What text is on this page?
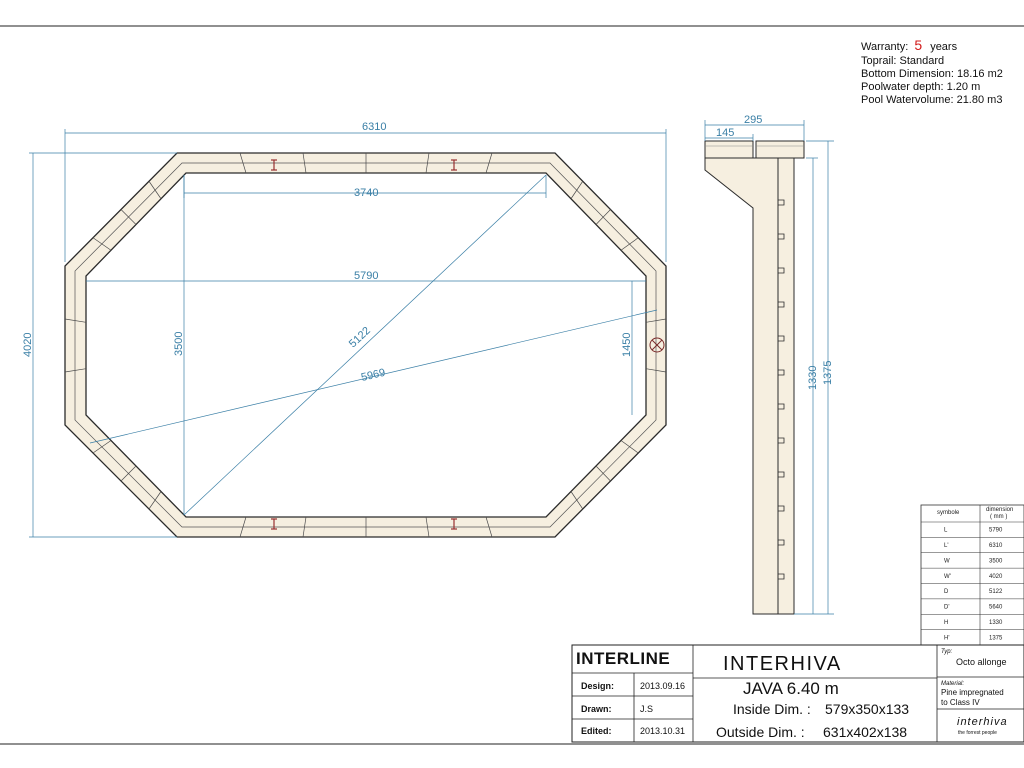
Warranty: 5 years
Toprail: Standard
Bottom Dimension: 18.16 m2
Poolwater depth: 1.20 m
Pool Watervolume: 21.80 m3
6310
3740
5790
3500
4020	5122
5969
1450
295
145
1330 1375
symbole	dimension
( mm )
L	5790
L'	6310
W	3500
W'	4020
D	5122
D'	5640
H	1330
H'	1375
INTERLINE
Design:	2013.09.16
Drawn:	J.S
Edited:	2013.10.31
INTERHIVA
JAVA 6.40 m
Inside Dim. : 579x350x133
Outside Dim. : 631x402x138
Typ:
Octo allonge
Material:
Pine impregnated
to Class IV
interhiva
the forrest people
